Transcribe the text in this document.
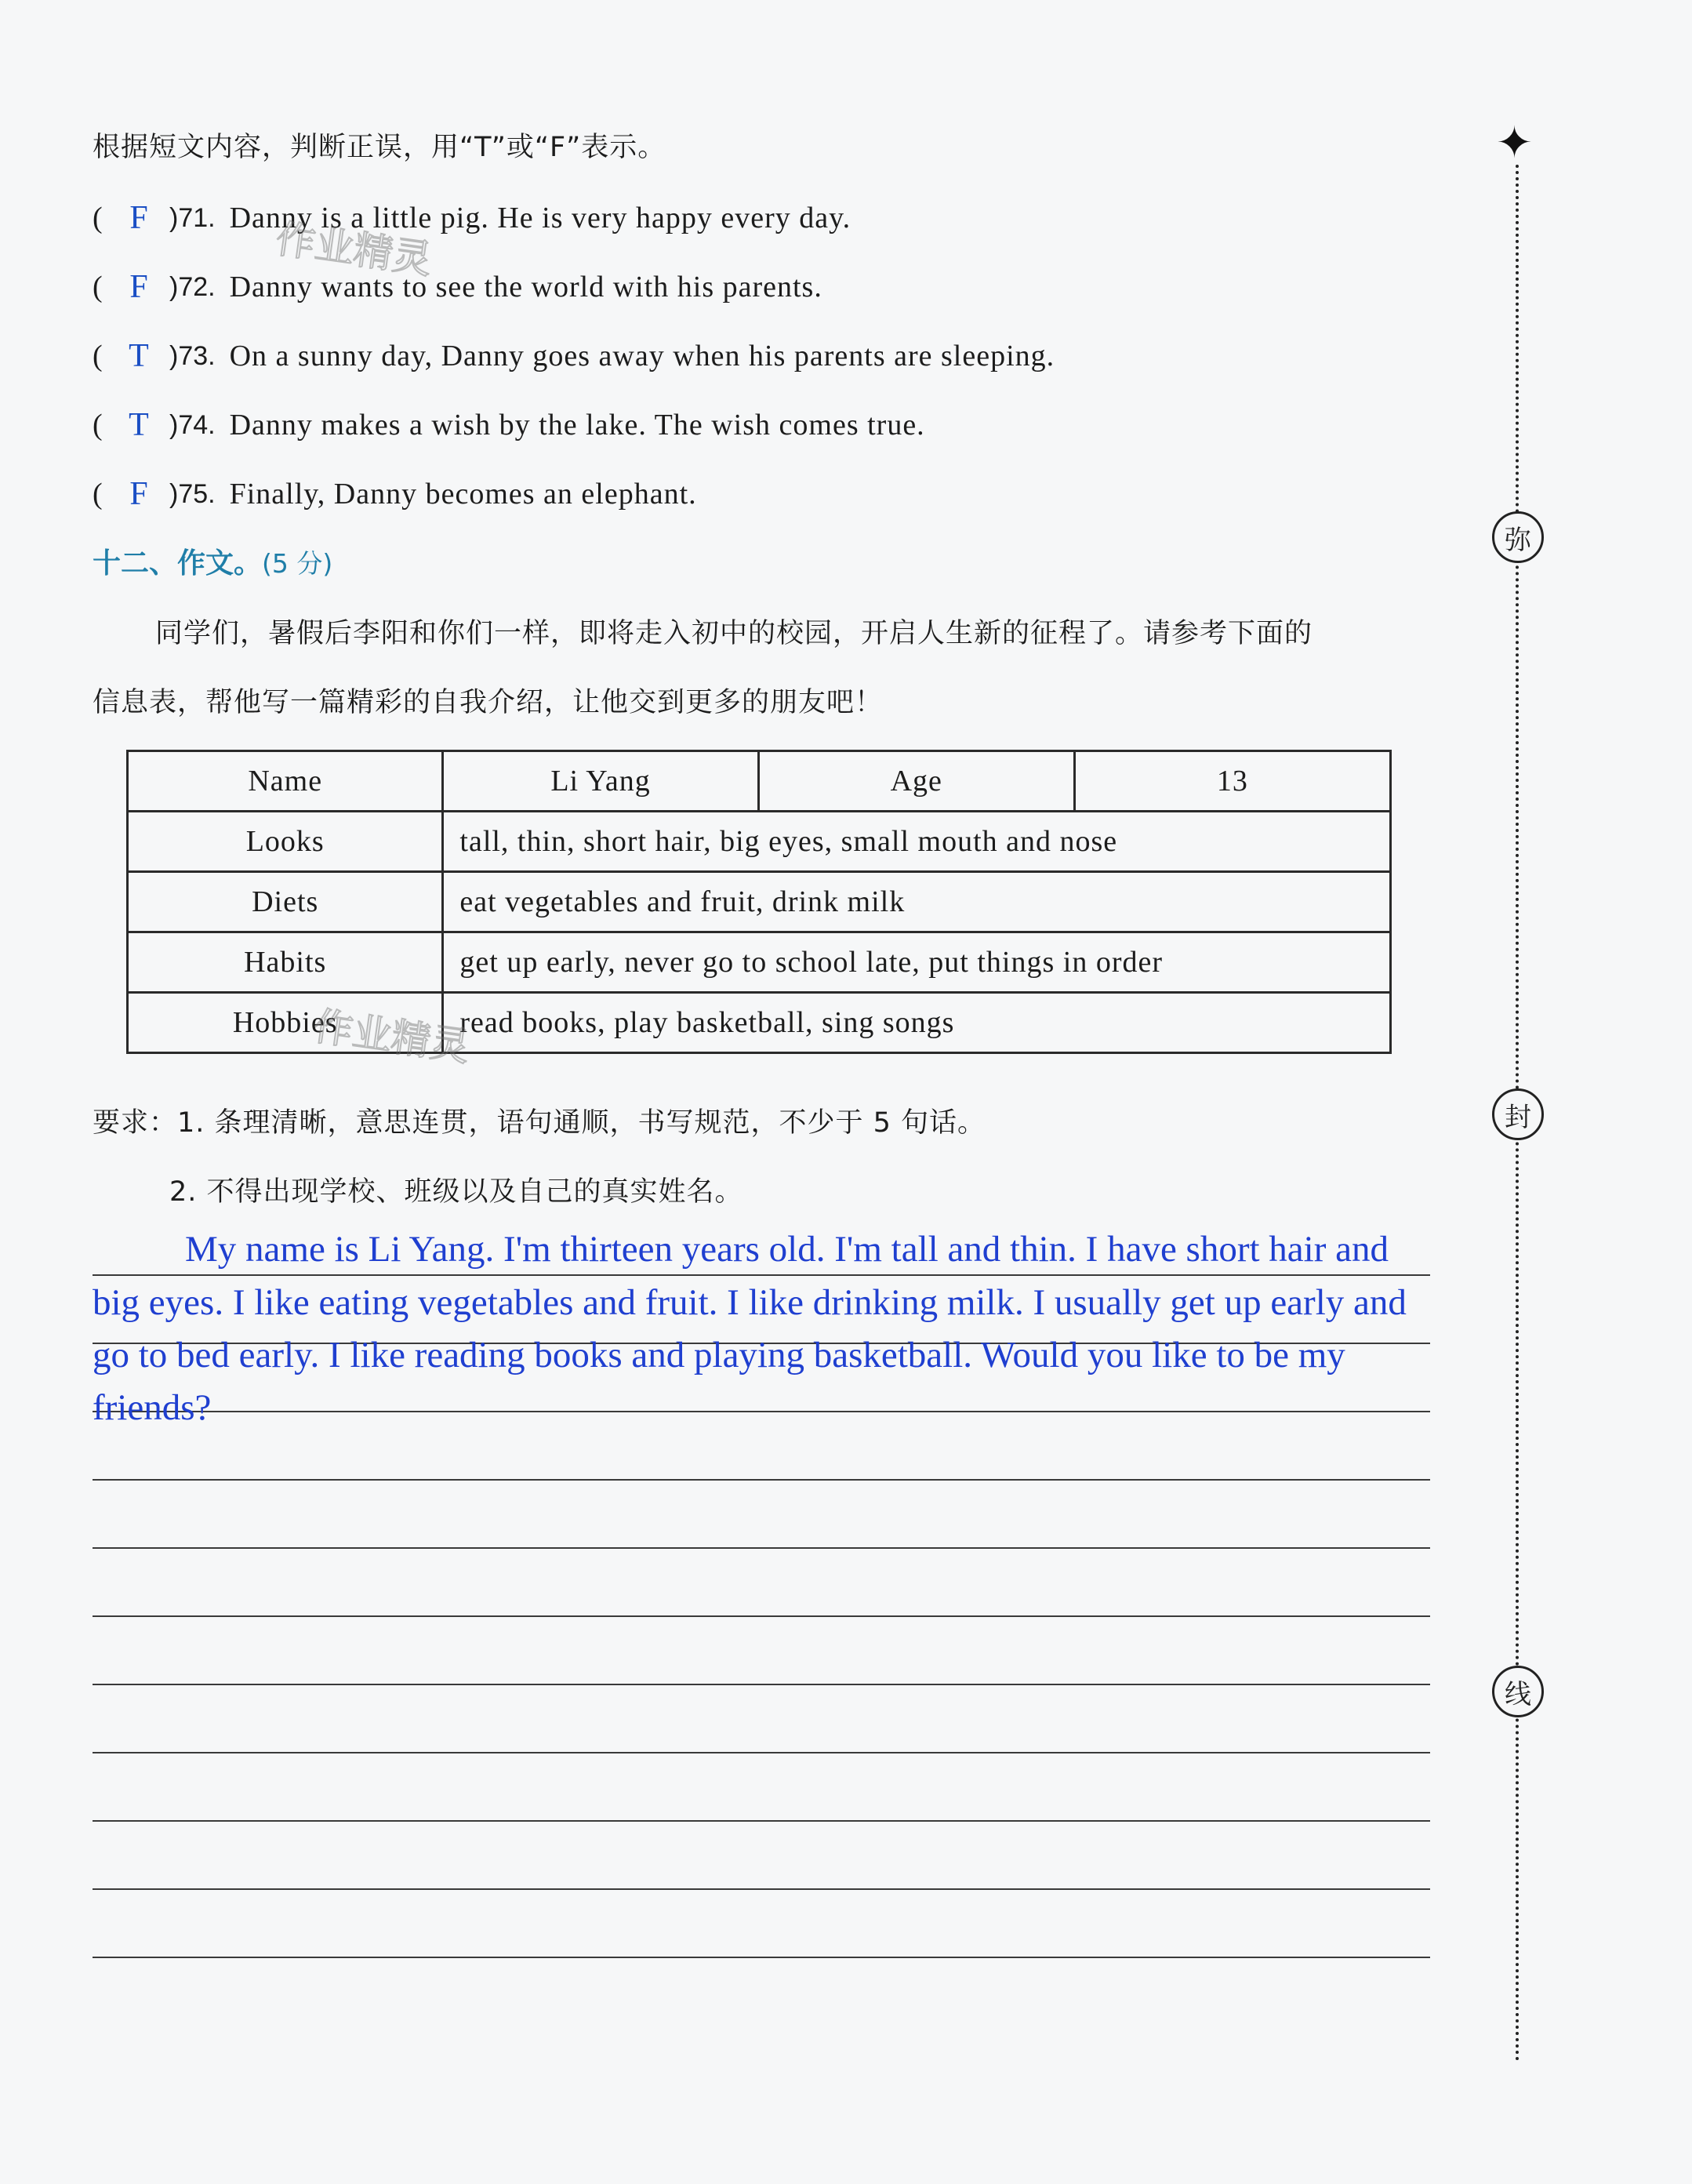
根据短文内容，判断正误，用“T”或“F”表示。
( F )71. Danny is a little pig. He is very happy every day.
( F )72. Danny wants to see the world with his parents.
( T )73. On a sunny day, Danny goes away when his parents are sleeping.
( T )74. Danny makes a wish by the lake. The wish comes true.
( F )75. Finally, Danny becomes an elephant.
十二、作文。(5 分)
同学们，暑假后李阳和你们一样，即将走入初中的校园，开启人生新的征程了。请参考下面的
信息表，帮他写一篇精彩的自我介绍，让他交到更多的朋友吧！
Name	Li Yang	Age	13
Looks	tall, thin, short hair, big eyes, small mouth and nose		
Diets	eat vegetables and fruit, drink milk		
Habits	get up early, never go to school late, put things in order		
Hobbies	read books, play basketball, sing songs		
要求：1. 条理清晰，意思连贯，语句通顺，书写规范，不少于 5 句话。
2. 不得出现学校、班级以及自己的真实姓名。
My name is Li Yang. I'm thirteen years old. I'm tall and thin. I have short hair and
big eyes. I like eating vegetables and fruit. I like drinking milk. I usually get up early and
go to bed early. I like reading books and playing basketball. Would you like to be my
friends?
作业精灵
作业精灵
✦
弥
封
线
